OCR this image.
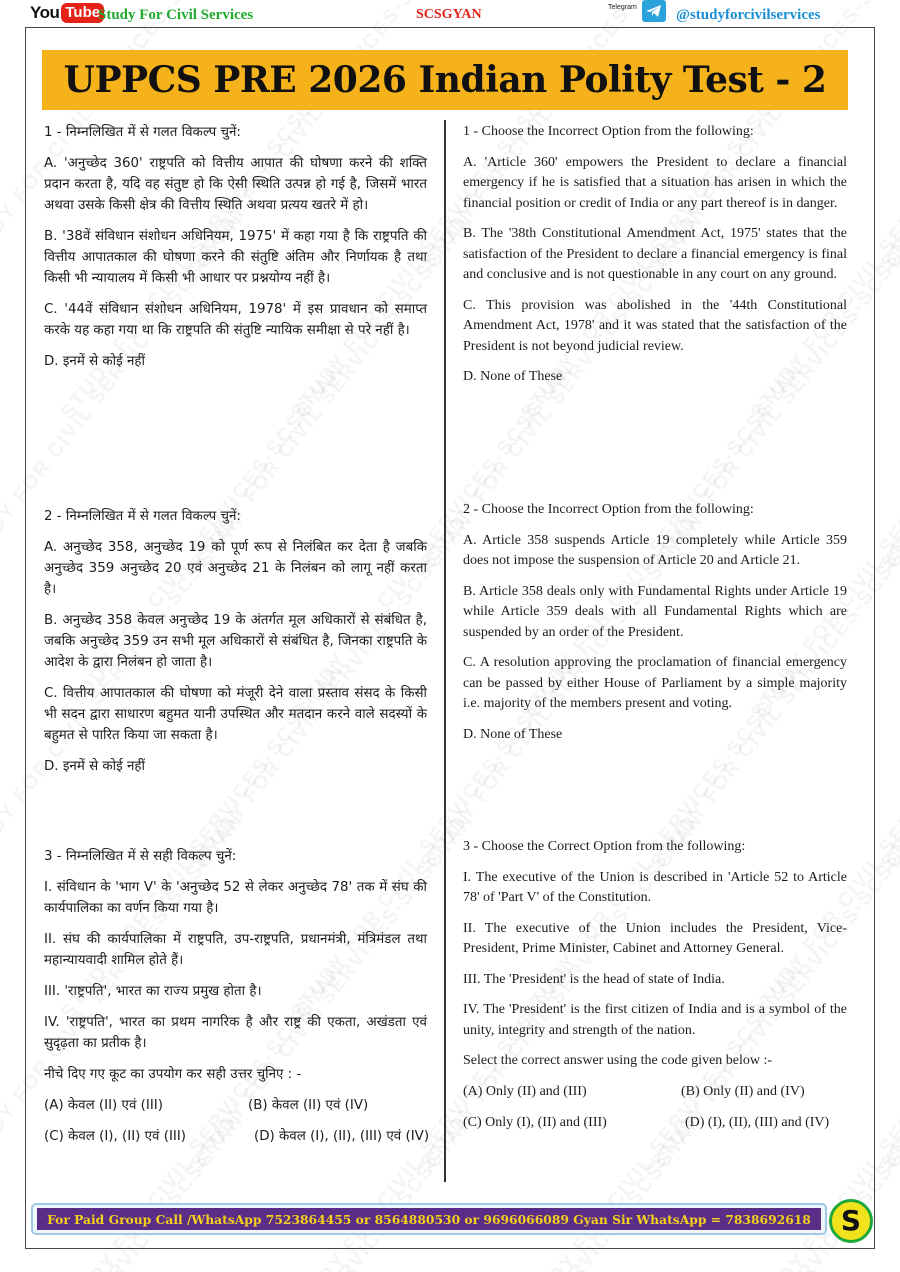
You Tube
Study For Civil Services	SCSGYAN	Telegram	@studyforcivilservices
UPPCS PRE 2026 Indian Polity Test - 2

1 - निम्नलिखित में से गलत विकल्प चुनें:

A. 'अनुच्छेद 360' राष्ट्रपति को वित्तीय आपात की घोषणा करने की शक्ति प्रदान करता है, यदि वह संतुष्ट हो कि ऐसी स्थिति उत्पन्न हो गई है, जिसमें भारत अथवा उसके किसी क्षेत्र की वित्तीय स्थिति अथवा प्रत्यय खतरे में हो।

B. '38वें संविधान संशोधन अधिनियम, 1975' में कहा गया है कि राष्ट्रपति की वित्तीय आपातकाल की घोषणा करने की संतुष्टि अंतिम और निर्णायक है तथा किसी भी न्यायालय में किसी भी आधार पर प्रश्नयोग्य नहीं है।

C. '44वें संविधान संशोधन अधिनियम, 1978' में इस प्रावधान को समाप्त करके यह कहा गया था कि राष्ट्रपति की संतुष्टि न्यायिक समीक्षा से परे नहीं है।

D. इनमें से कोई नहीं

2 - निम्नलिखित में से गलत विकल्प चुनें:

A. अनुच्छेद 358, अनुच्छेद 19 को पूर्ण रूप से निलंबित कर देता है जबकि अनुच्छेद 359 अनुच्छेद 20 एवं अनुच्छेद 21 के निलंबन को लागू नहीं करता है।

B. अनुच्छेद 358 केवल अनुच्छेद 19 के अंतर्गत मूल अधिकारों से संबंधित है, जबकि अनुच्छेद 359 उन सभी मूल अधिकारों से संबंधित है, जिनका राष्ट्रपति के आदेश के द्वारा निलंबन हो जाता है।

C. वित्तीय आपातकाल की घोषणा को मंजूरी देने वाला प्रस्ताव संसद के किसी भी सदन द्वारा साधारण बहुमत यानी उपस्थित और मतदान करने वाले सदस्यों के बहुमत से पारित किया जा सकता है।

D. इनमें से कोई नहीं

3 - निम्नलिखित में से सही विकल्प चुनें:

I. संविधान के 'भाग V' के 'अनुच्छेद 52 से लेकर अनुच्छेद 78' तक में संघ की कार्यपालिका का वर्णन किया गया है।

II. संघ की कार्यपालिका में राष्ट्रपति, उप-राष्ट्रपति, प्रधानमंत्री, मंत्रिमंडल तथा महान्यायवादी शामिल होते हैं।

III. 'राष्ट्रपति', भारत का राज्य प्रमुख होता है।

IV. 'राष्ट्रपति', भारत का प्रथम नागरिक है और राष्ट्र की एकता, अखंडता एवं सुदृढ़ता का प्रतीक है।

नीचे दिए गए कूट का उपयोग कर सही उत्तर चुनिए : -

(A) केवल (II) एवं (III)	(B) केवल (II) एवं (IV)
(C) केवल (I), (II) एवं (III)	(D) केवल (I), (II), (III) एवं (IV)

1 - Choose the Incorrect Option from the following:

A. 'Article 360' empowers the President to declare a financial emergency if he is satisfied that a situation has arisen in which the financial position or credit of India or any part thereof is in danger.

B. The '38th Constitutional Amendment Act, 1975' states that the satisfaction of the President to declare a financial emergency is final and conclusive and is not questionable in any court on any ground.

C. This provision was abolished in the '44th Constitutional Amendment Act, 1978' and it was stated that the satisfaction of the President is not beyond judicial review.

D. None of These

2 - Choose the Incorrect Option from the following:

A. Article 358 suspends Article 19 completely while Article 359 does not impose the suspension of Article 20 and Article 21.

B. Article 358 deals only with Fundamental Rights under Article 19 while Article 359 deals with all Fundamental Rights which are suspended by an order of the President.

C. A resolution approving the proclamation of financial emergency can be passed by either House of Parliament by a simple majority i.e. majority of the members present and voting.

D. None of These

3 - Choose the Correct Option from the following:

I. The executive of the Union is described in 'Article 52 to Article 78' of 'Part V' of the Constitution.

II. The executive of the Union includes the President, Vice-President, Prime Minister, Cabinet and Attorney General.

III. The 'President' is the head of state of India.

IV. The 'President' is the first citizen of India and is a symbol of the unity, integrity and strength of the nation.

Select the correct answer using the code given below :-

(A) Only (II) and (III)	(B) Only (II) and (IV)
(C) Only (I), (II) and (III)	(D) (I), (II), (III) and (IV)
For Paid Group Call /WhatsApp 7523864455 or 8564880530 or 9696066089 Gyan Sir WhatsApp = 7838692618 S
